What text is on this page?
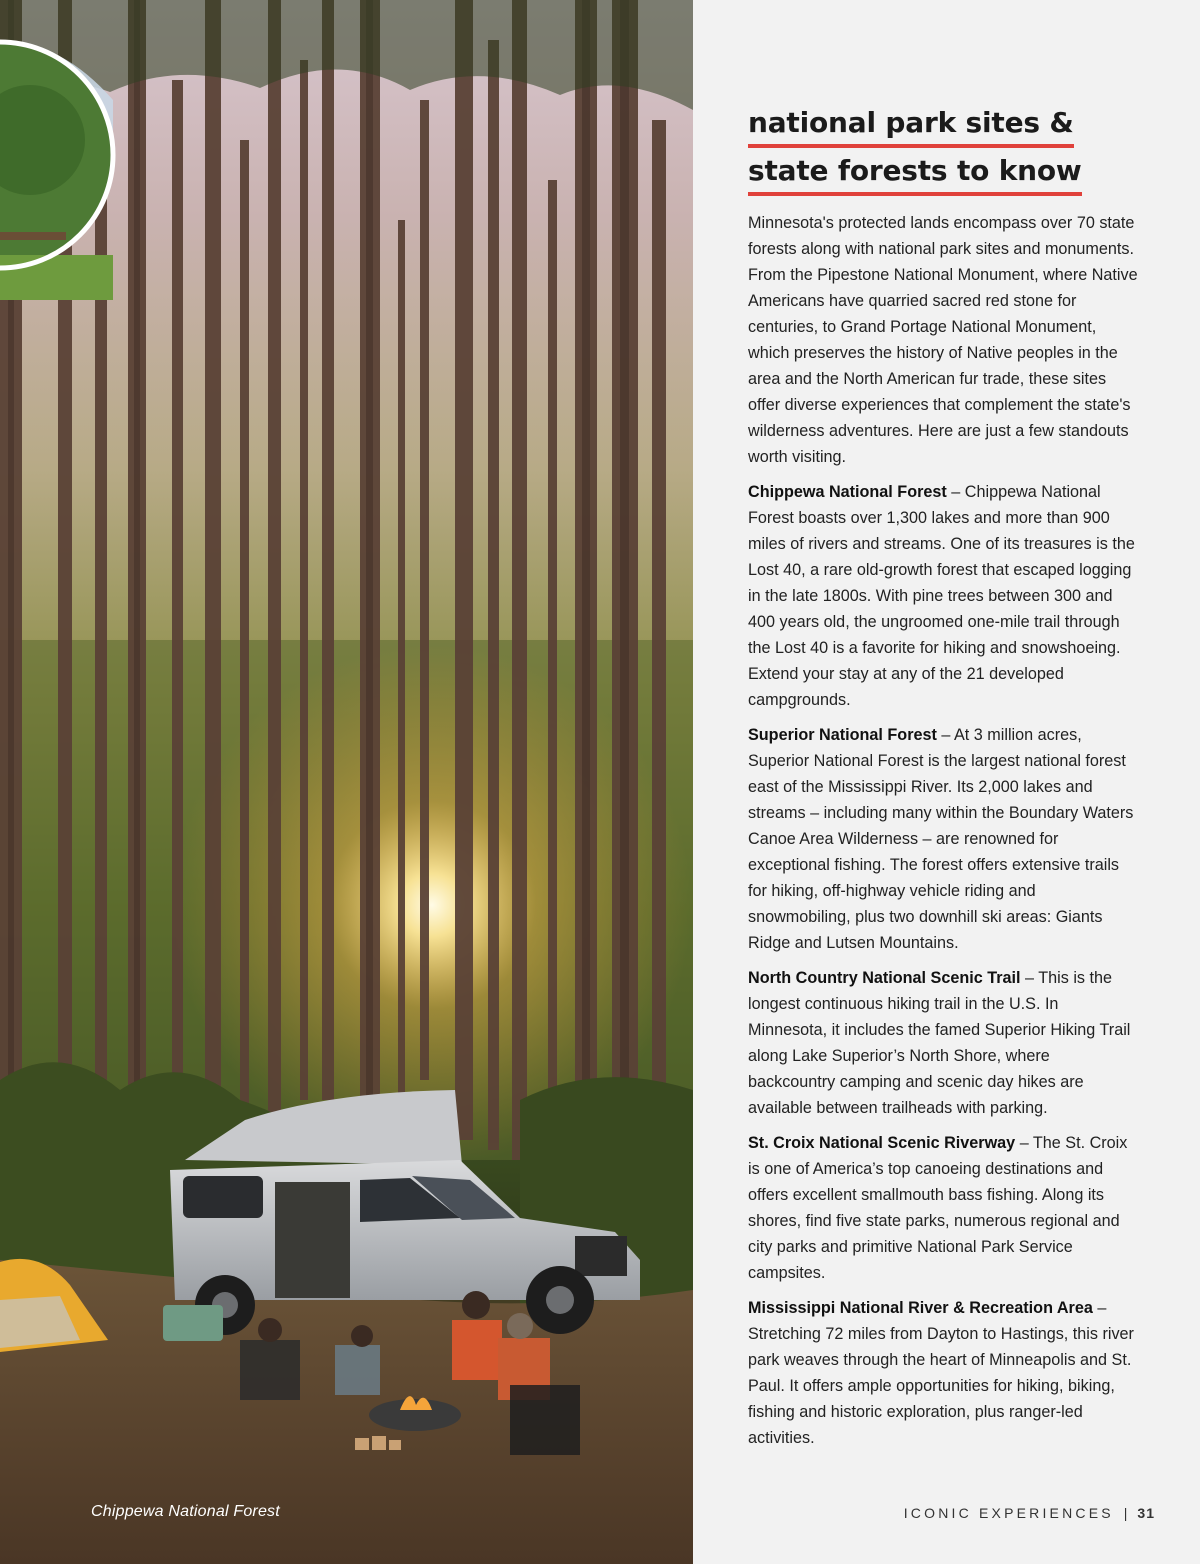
Chippewa National Forest
national park sites &
state forests to know

Minnesota's protected lands encompass over 70 state forests along with national park sites and monuments. From the Pipestone National Monument, where Native Americans have quarried sacred red stone for centuries, to Grand Portage National Monument, which preserves the history of Native peoples in the area and the North American fur trade, these sites offer diverse experiences that complement the state's wilderness adventures. Here are just a few standouts worth visiting.

Chippewa National Forest – Chippewa National Forest boasts over 1,300 lakes and more than 900 miles of rivers and streams. One of its treasures is the Lost 40, a rare old-growth forest that escaped logging in the late 1800s. With pine trees between 300 and 400 years old, the ungroomed one-mile trail through the Lost 40 is a favorite for hiking and snowshoeing. Extend your stay at any of the 21 developed campgrounds.

Superior National Forest – At 3 million acres, Superior National Forest is the largest national forest east of the Mississippi River. Its 2,000 lakes and streams – including many within the Boundary Waters Canoe Area Wilderness – are renowned for exceptional fishing. The forest offers extensive trails for hiking, off-highway vehicle riding and snowmobiling, plus two downhill ski areas: Giants Ridge and Lutsen Mountains.

North Country National Scenic Trail – This is the longest continuous hiking trail in the U.S. In Minnesota, it includes the famed Superior Hiking Trail along Lake Superior’s North Shore, where backcountry camping and scenic day hikes are available between trailheads with parking.

St. Croix National Scenic Riverway – The St. Croix is one of America’s top canoeing destinations and offers excellent smallmouth bass fishing. Along its shores, find five state parks, numerous regional and city parks and primitive National Park Service campsites.

Mississippi National River & Recreation Area – Stretching 72 miles from Dayton to Hastings, this river park weaves through the heart of Minneapolis and St. Paul. It offers ample opportunities for hiking, biking, fishing and historic exploration, plus ranger-led activities.

ICONIC EXPERIENCES | 31
